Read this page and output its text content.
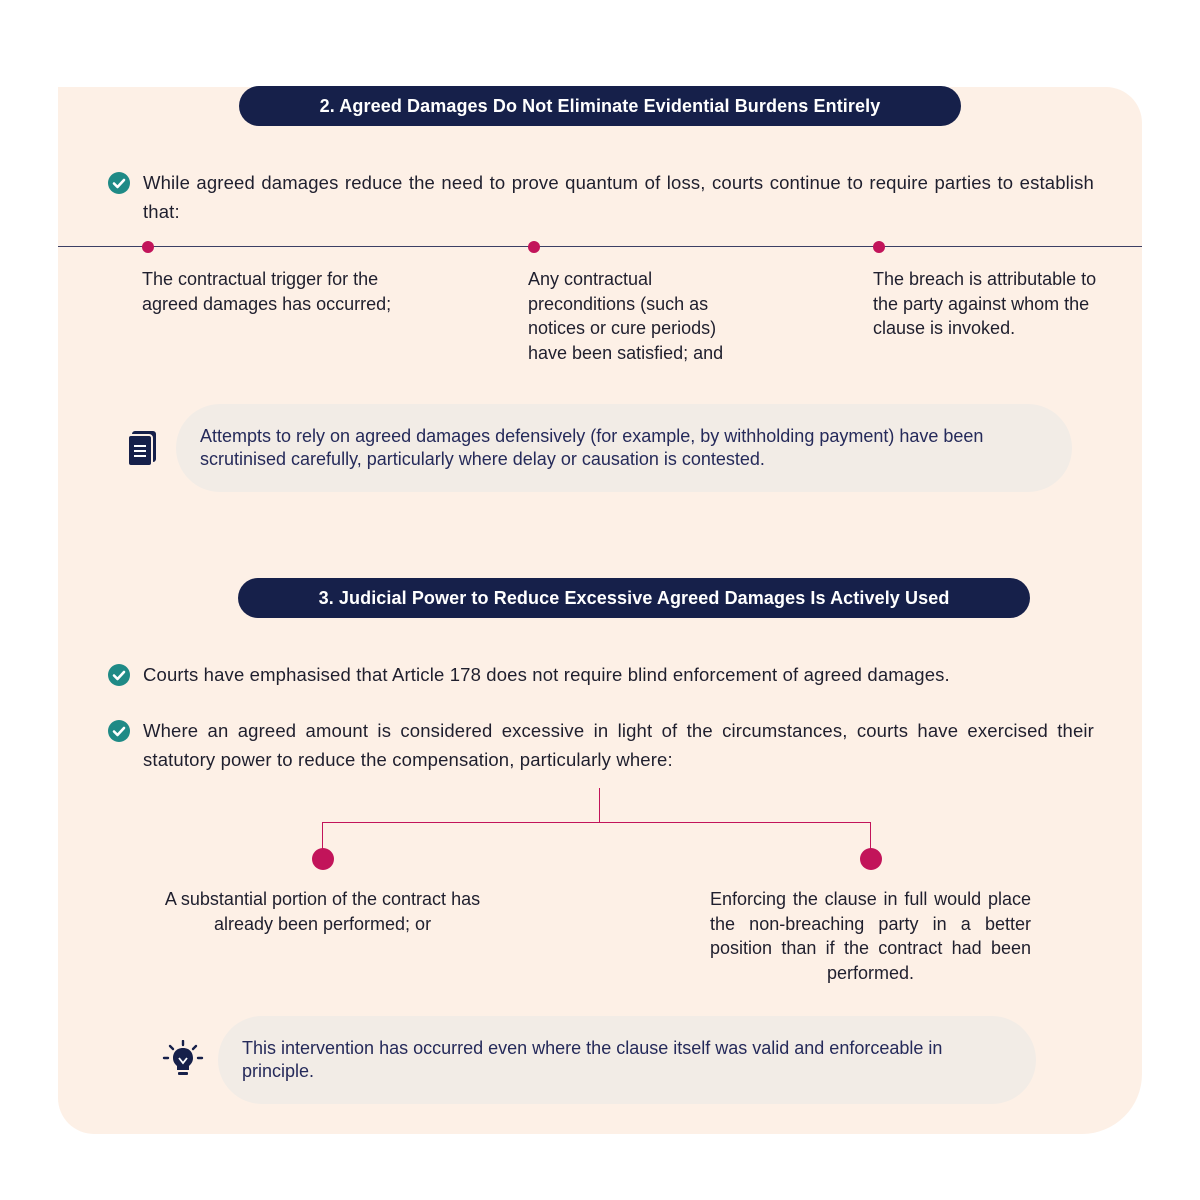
2. Agreed Damages Do Not Eliminate Evidential Burdens Entirely
While agreed damages reduce the need to prove quantum of loss, courts continue to require parties to establish that:
The contractual trigger for the agreed damages has occurred;
Any contractual preconditions (such as notices or cure periods) have been satisfied; and
The breach is attributable to the party against whom the clause is invoked.
Attempts to rely on agreed damages defensively (for example, by withholding payment) have been scrutinised carefully, particularly where delay or causation is contested.
3. Judicial Power to Reduce Excessive Agreed Damages Is Actively Used
Courts have emphasised that Article 178 does not require blind enforcement of agreed damages.
Where an agreed amount is considered excessive in light of the circumstances, courts have exercised their statutory power to reduce the compensation, particularly where:
A substantial portion of the contract has already been performed; or
Enforcing the clause in full would place the non-breaching party in a better position than if the contract had been performed.
This intervention has occurred even where the clause itself was valid and enforceable in principle.
